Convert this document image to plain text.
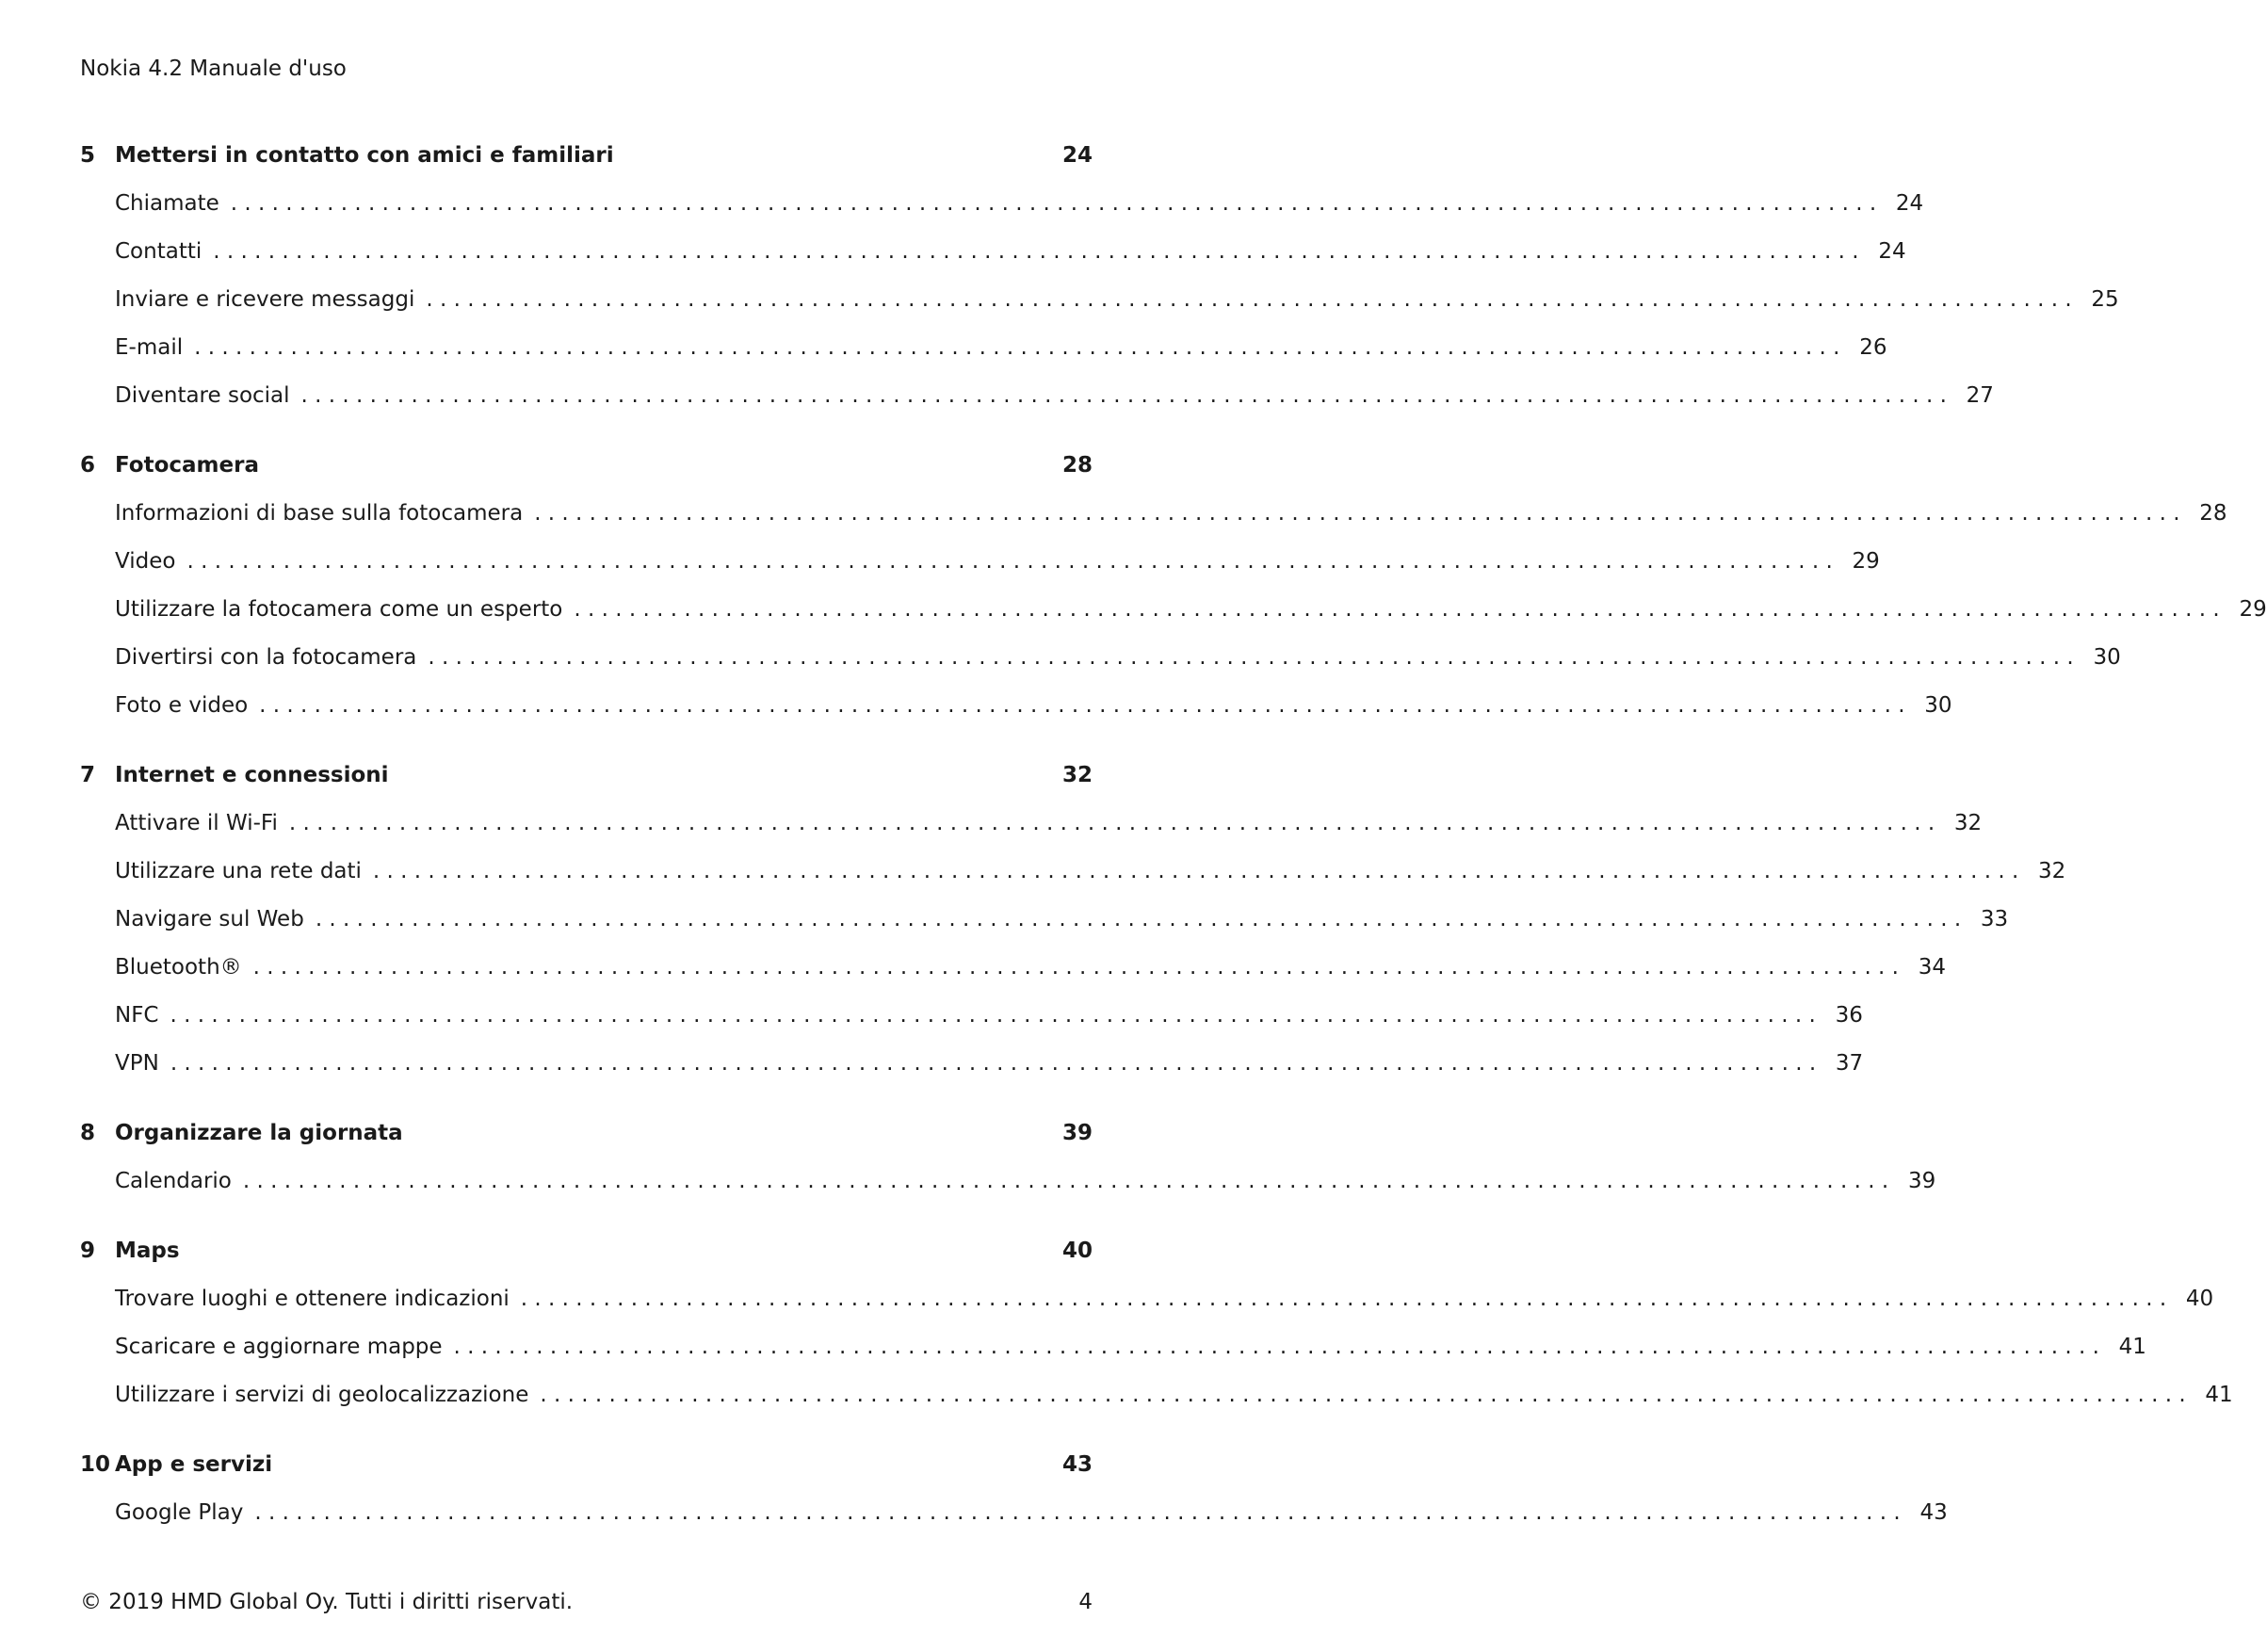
Nokia 4.2 Manuale d'uso
5 Mettersi in contatto con amici e familiari	24
Chiamate . . . . . . . . . . . . . . . . . . . . . . . . . . . . . . . . . . . . . . . . . . . . . . . . . . . . . . . . . . . . . . . . . . . . . . . . . . . . . . . . . . . . . . . . . . . . . . . . . . . . . . . . . . . . . . . . . . . . . . . . 24
Contatti . . . . . . . . . . . . . . . . . . . . . . . . . . . . . . . . . . . . . . . . . . . . . . . . . . . . . . . . . . . . . . . . . . . . . . . . . . . . . . . . . . . . . . . . . . . . . . . . . . . . . . . . . . . . . . . . . . . . . . . . 24
Inviare e ricevere messaggi . . . . . . . . . . . . . . . . . . . . . . . . . . . . . . . . . . . . . . . . . . . . . . . . . . . . . . . . . . . . . . . . . . . . . . . . . . . . . . . . . . . . . . . . . . . . . . . . . . . . . . . . . . . . . . . . . . . . . . . . 25
E-mail . . . . . . . . . . . . . . . . . . . . . . . . . . . . . . . . . . . . . . . . . . . . . . . . . . . . . . . . . . . . . . . . . . . . . . . . . . . . . . . . . . . . . . . . . . . . . . . . . . . . . . . . . . . . . . . . . . . . . . . . 26
Diventare social . . . . . . . . . . . . . . . . . . . . . . . . . . . . . . . . . . . . . . . . . . . . . . . . . . . . . . . . . . . . . . . . . . . . . . . . . . . . . . . . . . . . . . . . . . . . . . . . . . . . . . . . . . . . . . . . . . . . . . . . 27
6 Fotocamera	28
Informazioni di base sulla fotocamera . . . . . . . . . . . . . . . . . . . . . . . . . . . . . . . . . . . . . . . . . . . . . . . . . . . . . . . . . . . . . . . . . . . . . . . . . . . . . . . . . . . . . . . . . . . . . . . . . . . . . . . . . . . . . . . . . . . . . . . . 28
Video . . . . . . . . . . . . . . . . . . . . . . . . . . . . . . . . . . . . . . . . . . . . . . . . . . . . . . . . . . . . . . . . . . . . . . . . . . . . . . . . . . . . . . . . . . . . . . . . . . . . . . . . . . . . . . . . . . . . . . . . 29
Utilizzare la fotocamera come un esperto . . . . . . . . . . . . . . . . . . . . . . . . . . . . . . . . . . . . . . . . . . . . . . . . . . . . . . . . . . . . . . . . . . . . . . . . . . . . . . . . . . . . . . . . . . . . . . . . . . . . . . . . . . . . . . . . . . . . . . . . 29
Divertirsi con la fotocamera . . . . . . . . . . . . . . . . . . . . . . . . . . . . . . . . . . . . . . . . . . . . . . . . . . . . . . . . . . . . . . . . . . . . . . . . . . . . . . . . . . . . . . . . . . . . . . . . . . . . . . . . . . . . . . . . . . . . . . . . 30
Foto e video . . . . . . . . . . . . . . . . . . . . . . . . . . . . . . . . . . . . . . . . . . . . . . . . . . . . . . . . . . . . . . . . . . . . . . . . . . . . . . . . . . . . . . . . . . . . . . . . . . . . . . . . . . . . . . . . . . . . . . . . 30
7 Internet e connessioni	32
Attivare il Wi-Fi . . . . . . . . . . . . . . . . . . . . . . . . . . . . . . . . . . . . . . . . . . . . . . . . . . . . . . . . . . . . . . . . . . . . . . . . . . . . . . . . . . . . . . . . . . . . . . . . . . . . . . . . . . . . . . . . . . . . . . . . 32
Utilizzare una rete dati . . . . . . . . . . . . . . . . . . . . . . . . . . . . . . . . . . . . . . . . . . . . . . . . . . . . . . . . . . . . . . . . . . . . . . . . . . . . . . . . . . . . . . . . . . . . . . . . . . . . . . . . . . . . . . . . . . . . . . . . 32
Navigare sul Web . . . . . . . . . . . . . . . . . . . . . . . . . . . . . . . . . . . . . . . . . . . . . . . . . . . . . . . . . . . . . . . . . . . . . . . . . . . . . . . . . . . . . . . . . . . . . . . . . . . . . . . . . . . . . . . . . . . . . . . . 33
Bluetooth® . . . . . . . . . . . . . . . . . . . . . . . . . . . . . . . . . . . . . . . . . . . . . . . . . . . . . . . . . . . . . . . . . . . . . . . . . . . . . . . . . . . . . . . . . . . . . . . . . . . . . . . . . . . . . . . . . . . . . . . . 34
NFC . . . . . . . . . . . . . . . . . . . . . . . . . . . . . . . . . . . . . . . . . . . . . . . . . . . . . . . . . . . . . . . . . . . . . . . . . . . . . . . . . . . . . . . . . . . . . . . . . . . . . . . . . . . . . . . . . . . . . . . . 36
VPN . . . . . . . . . . . . . . . . . . . . . . . . . . . . . . . . . . . . . . . . . . . . . . . . . . . . . . . . . . . . . . . . . . . . . . . . . . . . . . . . . . . . . . . . . . . . . . . . . . . . . . . . . . . . . . . . . . . . . . . . 37
8 Organizzare la giornata	39
Calendario . . . . . . . . . . . . . . . . . . . . . . . . . . . . . . . . . . . . . . . . . . . . . . . . . . . . . . . . . . . . . . . . . . . . . . . . . . . . . . . . . . . . . . . . . . . . . . . . . . . . . . . . . . . . . . . . . . . . . . . . 39
9 Maps	40
Trovare luoghi e ottenere indicazioni . . . . . . . . . . . . . . . . . . . . . . . . . . . . . . . . . . . . . . . . . . . . . . . . . . . . . . . . . . . . . . . . . . . . . . . . . . . . . . . . . . . . . . . . . . . . . . . . . . . . . . . . . . . . . . . . . . . . . . . . 40
Scaricare e aggiornare mappe . . . . . . . . . . . . . . . . . . . . . . . . . . . . . . . . . . . . . . . . . . . . . . . . . . . . . . . . . . . . . . . . . . . . . . . . . . . . . . . . . . . . . . . . . . . . . . . . . . . . . . . . . . . . . . . . . . . . . . . . 41
Utilizzare i servizi di geolocalizzazione . . . . . . . . . . . . . . . . . . . . . . . . . . . . . . . . . . . . . . . . . . . . . . . . . . . . . . . . . . . . . . . . . . . . . . . . . . . . . . . . . . . . . . . . . . . . . . . . . . . . . . . . . . . . . . . . . . . . . . . . 41
10 App e servizi	43
Google Play . . . . . . . . . . . . . . . . . . . . . . . . . . . . . . . . . . . . . . . . . . . . . . . . . . . . . . . . . . . . . . . . . . . . . . . . . . . . . . . . . . . . . . . . . . . . . . . . . . . . . . . . . . . . . . . . . . . . . . . . 43
© 2019 HMD Global Oy. Tutti i diritti riservati.	4
